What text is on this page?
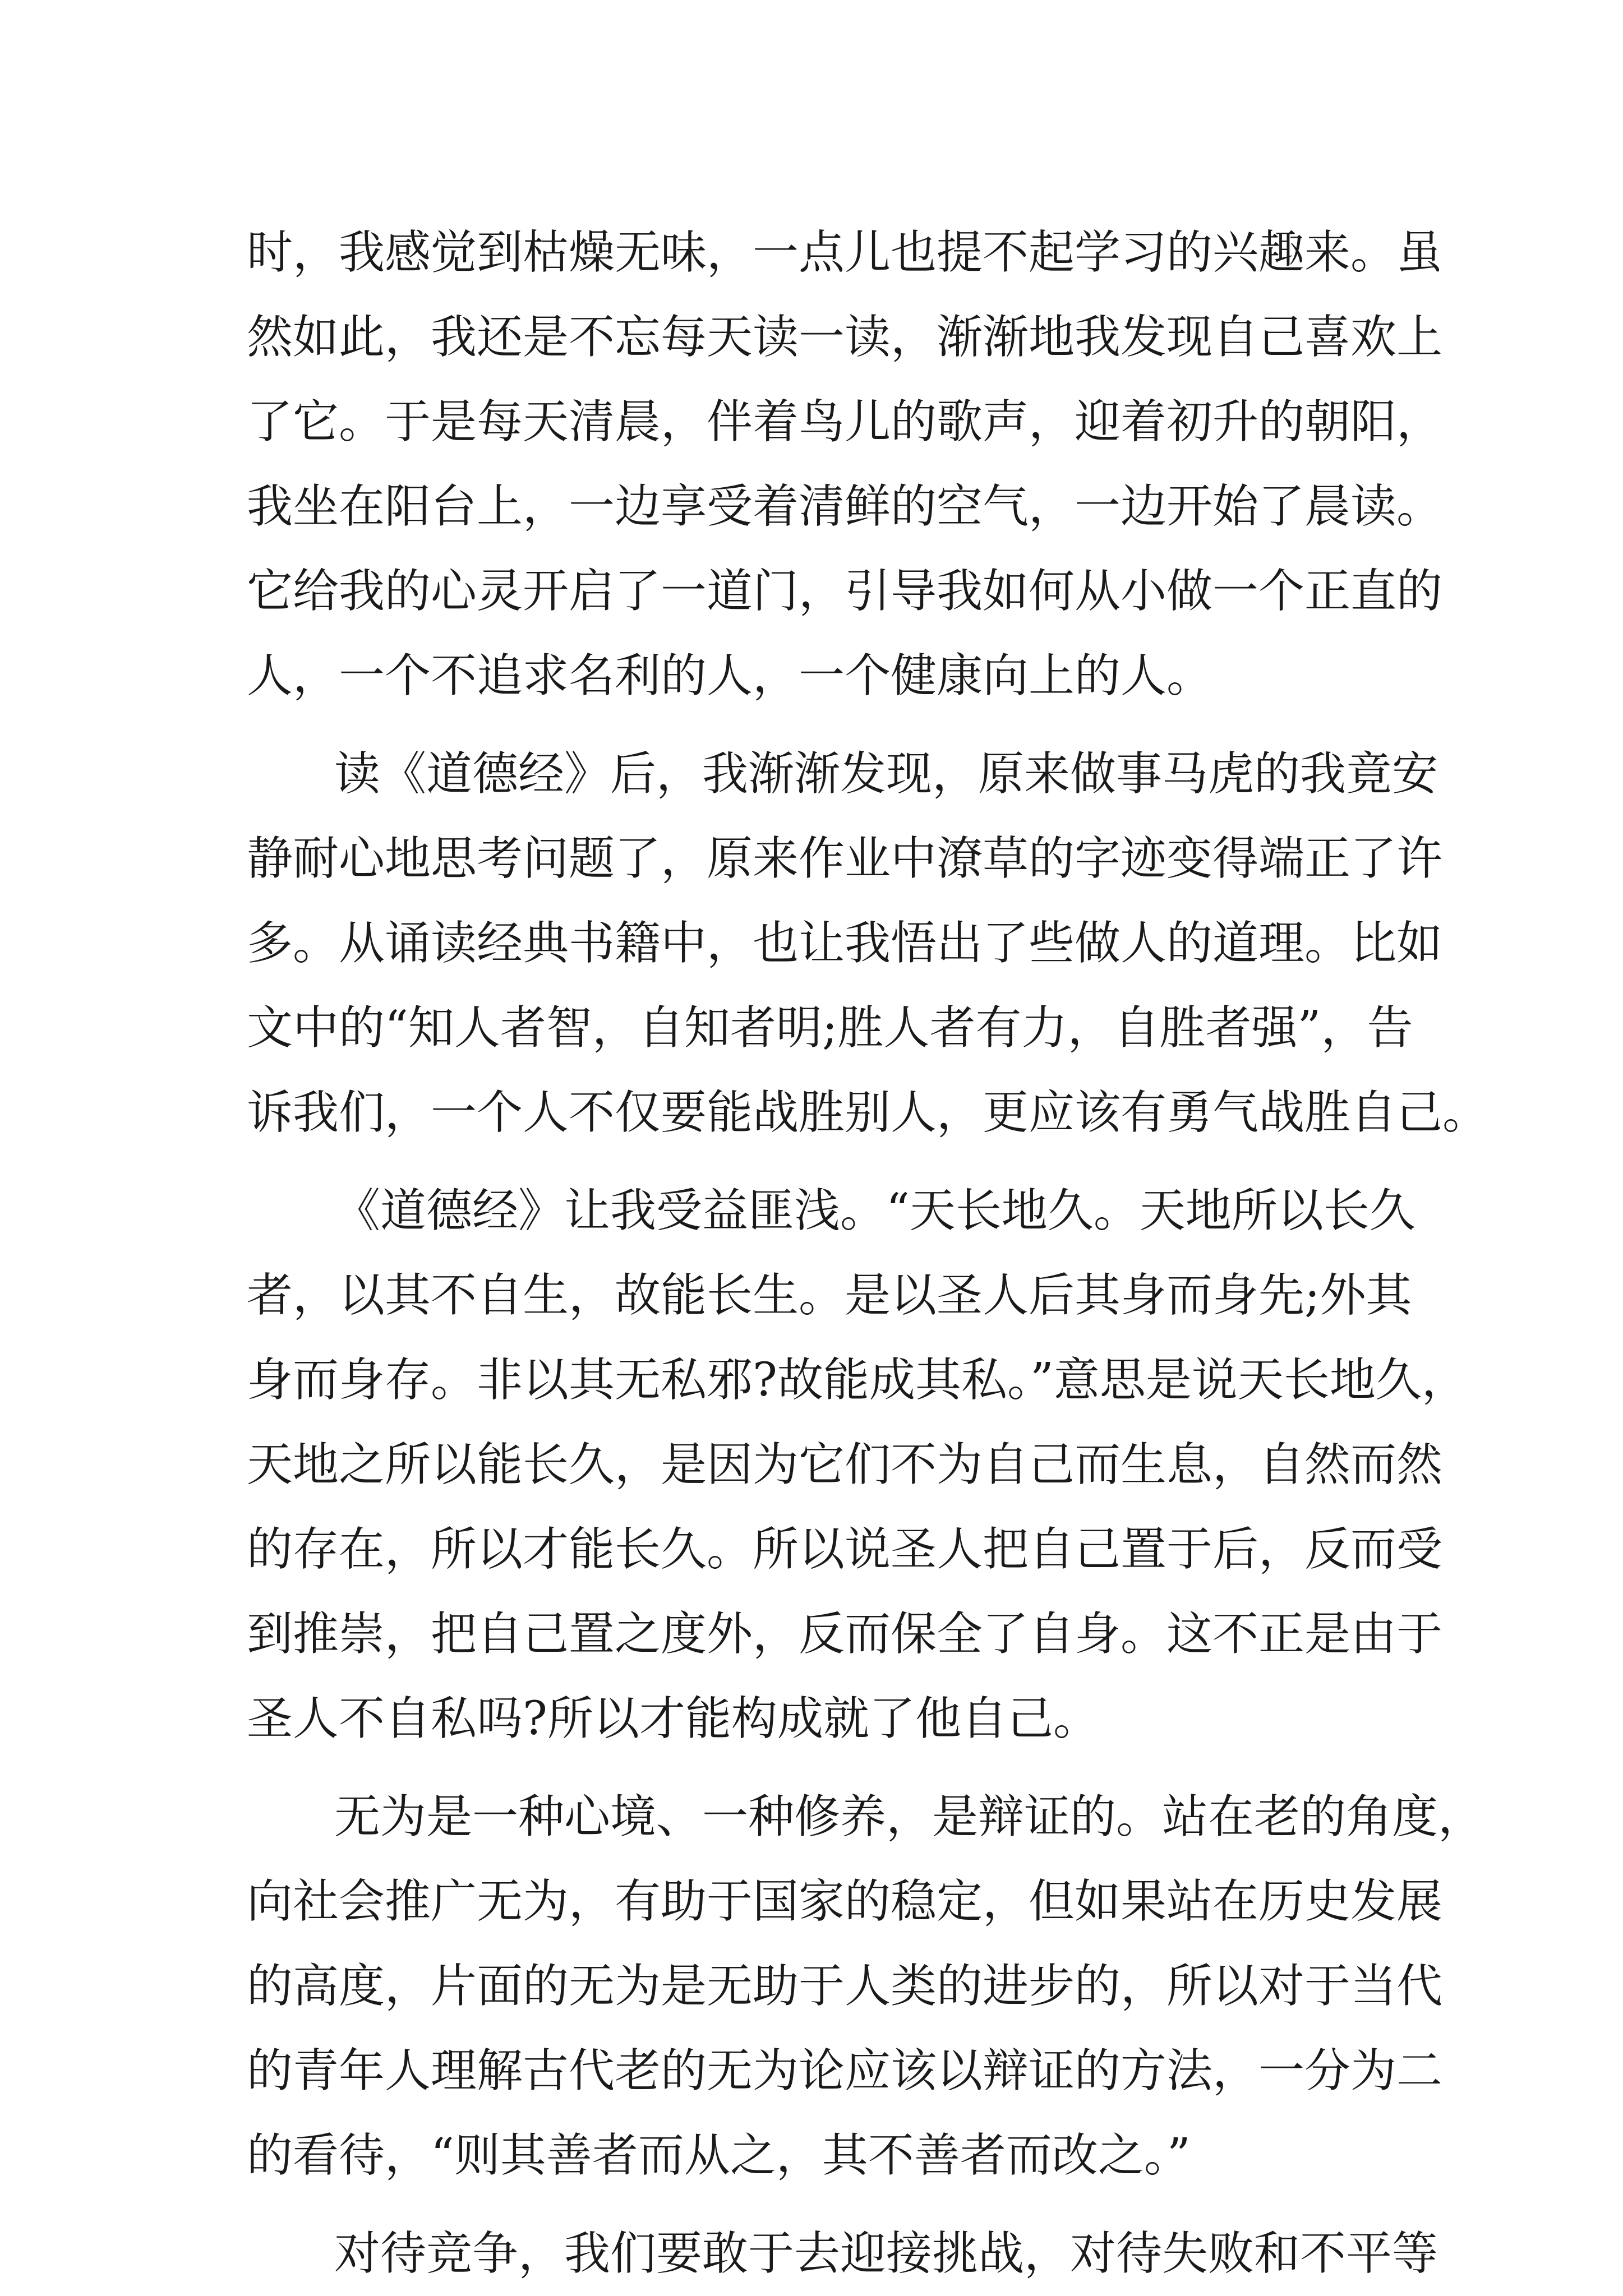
时，我感觉到枯燥无味，一点儿也提不起学习的兴趣来。虽
然如此，我还是不忘每天读一读，渐渐地我发现自己喜欢上
了它。于是每天清晨，伴着鸟儿的歌声，迎着初升的朝阳，
我坐在阳台上，一边享受着清鲜的空气，一边开始了晨读。
它给我的心灵开启了一道门，引导我如何从小做一个正直的
人，一个不追求名利的人，一个健康向上的人。
读《道德经》后，我渐渐发现，原来做事马虎的我竟安
静耐心地思考问题了，原来作业中潦草的字迹变得端正了许
多。从诵读经典书籍中，也让我悟出了些做人的道理。比如
文中的“知人者智，自知者明;胜人者有力，自胜者强”，告
诉我们，一个人不仅要能战胜别人，更应该有勇气战胜自己。
《道德经》让我受益匪浅。“天长地久。天地所以长久
者，以其不自生，故能长生。是以圣人后其身而身先;外其
身而身存。非以其无私邪?故能成其私。”意思是说天长地久，
天地之所以能长久，是因为它们不为自己而生息，自然而然
的存在，所以才能长久。所以说圣人把自己置于后，反而受
到推崇，把自己置之度外，反而保全了自身。这不正是由于
圣人不自私吗?所以才能构成就了他自己。
无为是一种心境、一种修养，是辩证的。站在老的角度，
向社会推广无为，有助于国家的稳定，但如果站在历史发展
的高度，片面的无为是无助于人类的进步的，所以对于当代
的青年人理解古代老的无为论应该以辩证的方法，一分为二
的看待，“则其善者而从之，其不善者而改之。”
对待竞争，我们要敢于去迎接挑战，对待失败和不平等
